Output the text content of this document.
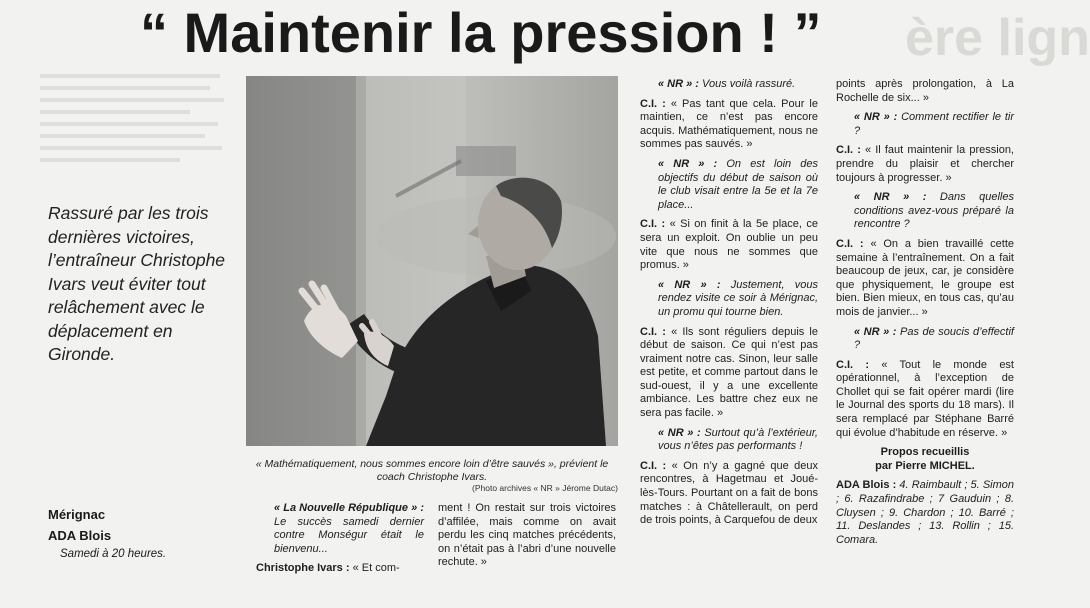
“ Maintenir la pression ! ”	ère lign
Rassuré par les trois dernières victoires, l’entraîneur Christophe Ivars veut éviter tout relâchement avec le déplacement en Gironde.
« Mathématiquement, nous sommes encore loin d’être sauvés », prévient le coach Christophe Ivars.
(Photo archives « NR » Jérome Dutac)
Mérignac
ADA Blois
Samedi à 20 heures.

« La Nouvelle République » : Le succès samedi dernier contre Monségur était le bienvenu...

Christophe Ivars : « Et com-

ment ! On restait sur trois victoires d’affilée, mais comme on avait perdu les cinq matches précédents, on n’était pas à l’abri d’une nouvelle rechute. »

« NR » : Vous voilà rassuré.

C.I. : « Pas tant que cela. Pour le maintien, ce n’est pas encore acquis. Mathématiquement, nous ne sommes pas sauvés. »

« NR » : On est loin des objectifs du début de saison où le club visait entre la 5e et la 7e place...

C.I. : « Si on finit à la 5e place, ce sera un exploit. On oublie un peu vite que nous ne sommes que promus. »

« NR » : Justement, vous rendez visite ce soir à Mérignac, un promu qui tourne bien.

C.I. : « Ils sont réguliers depuis le début de saison. Ce qui n’est pas vraiment notre cas. Sinon, leur salle est petite, et comme partout dans le sud-ouest, il y a une excellente ambiance. Les battre chez eux ne sera pas facile. »

« NR » : Surtout qu’à l’extérieur, vous n’êtes pas performants !

C.I. : « On n’y a gagné que deux rencontres, à Hagetmau et Joué-lès-Tours. Pourtant on a fait de bons matches : à Châtellerault, on perd de trois points, à Carquefou de deux

points après prolongation, à La Rochelle de six... »

« NR » : Comment rectifier le tir ?

C.I. : « Il faut maintenir la pression, prendre du plaisir et chercher toujours à progresser. »

« NR » : Dans quelles conditions avez-vous préparé la rencontre ?

C.I. : « On a bien travaillé cette semaine à l’entraînement. On a fait beaucoup de jeux, car, je considère que physiquement, le groupe est bien. Bien mieux, en tous cas, qu’au mois de janvier... »

« NR » : Pas de soucis d’effectif ?

C.I. : « Tout le monde est opérationnel, à l’exception de Chollet qui se fait opérer mardi (lire le Journal des sports du 18 mars). Il sera remplacé par Stéphane Barré qui évolue d’habitude en réserve. »

Propos recueillis

par Pierre MICHEL.

ADA Blois : 4. Raimbault ; 5. Simon ; 6. Razafindrabe ; 7 Gauduin ; 8. Cluysen ; 9. Chardon ; 10. Barré ; 11. Deslandes ; 13. Rollin ; 15. Comara.
